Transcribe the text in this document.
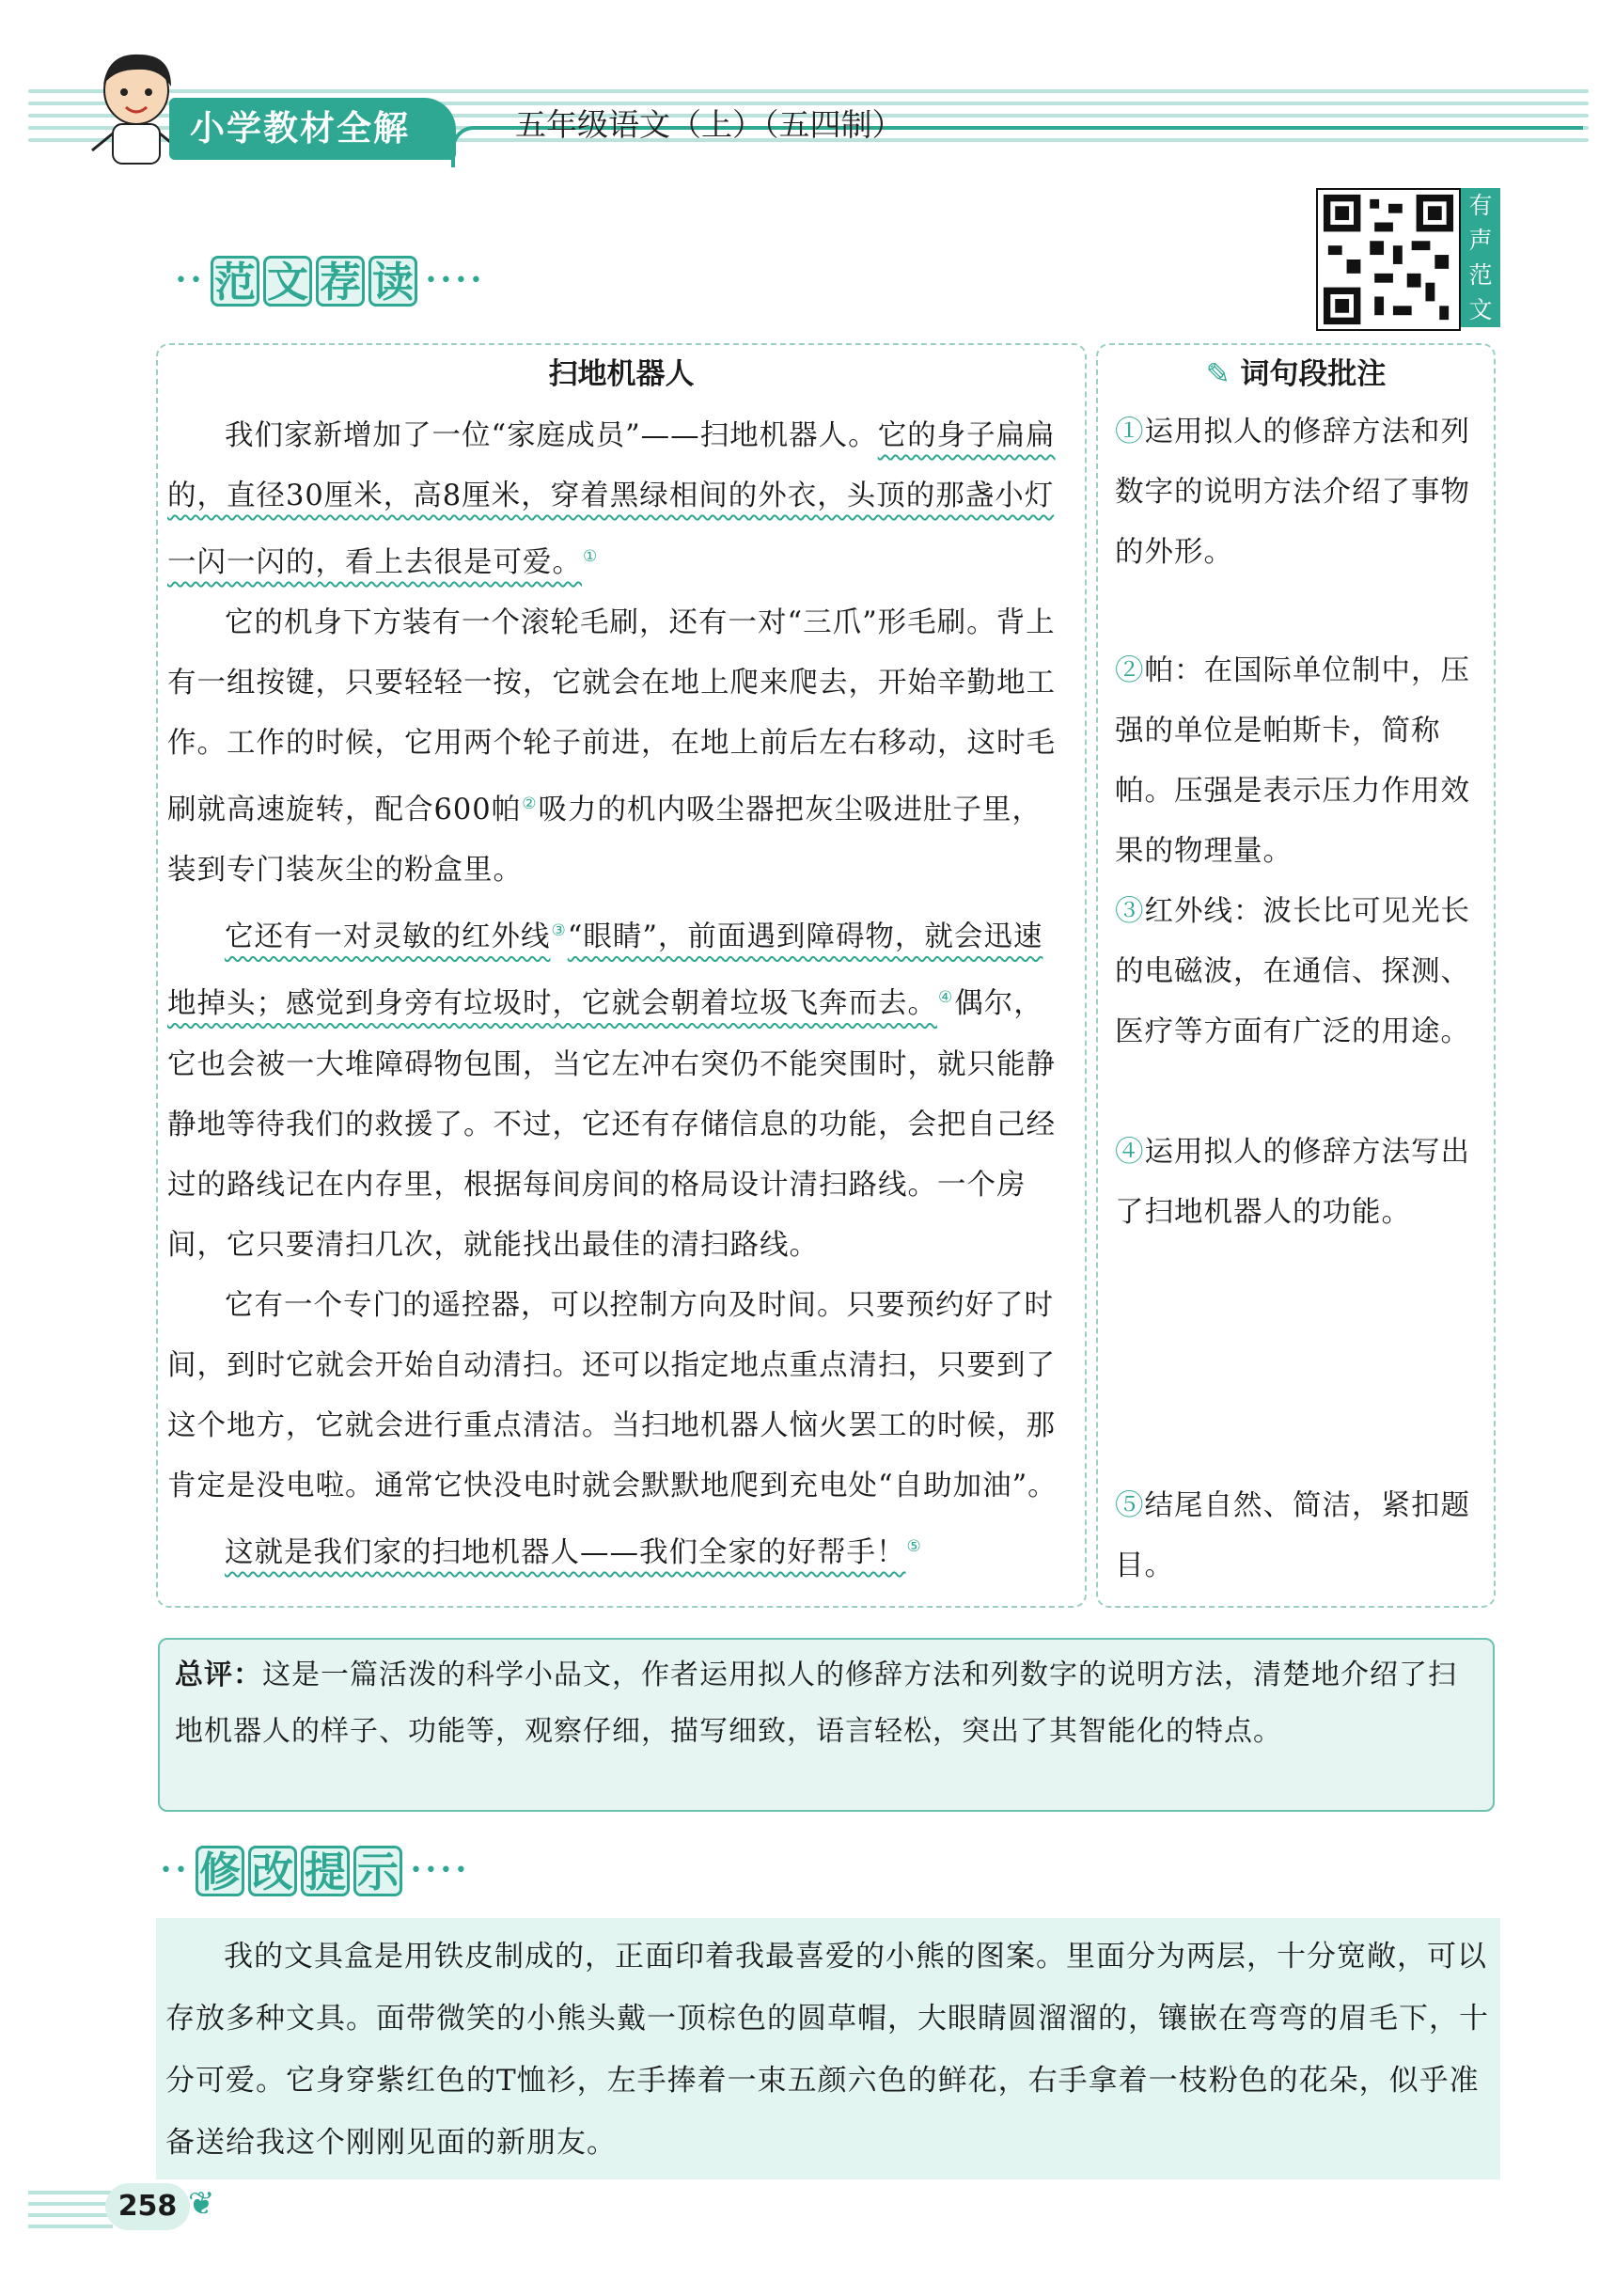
小学教材全解	五年级语文（上）（五四制）
•• 范 文 荐 读 ••••
有
声
范
文
扫地机器人

我们家新增加了一位“家庭成员”——扫地机器人。它的身子扁扁的，直径30厘米，高8厘米，穿着黑绿相间的外衣，头顶的那盏小灯一闪一闪的，看上去很是可爱。①

它的机身下方装有一个滚轮毛刷，还有一对“三爪”形毛刷。背上有一组按键，只要轻轻一按，它就会在地上爬来爬去，开始辛勤地工作。工作的时候，它用两个轮子前进，在地上前后左右移动，这时毛刷就高速旋转，配合600帕②吸力的机内吸尘器把灰尘吸进肚子里，装到专门装灰尘的粉盒里。

它还有一对灵敏的红外线③“眼睛”，前面遇到障碍物，就会迅速地掉头；感觉到身旁有垃圾时，它就会朝着垃圾飞奔而去。④偶尔，它也会被一大堆障碍物包围，当它左冲右突仍不能突围时，就只能静静地等待我们的救援了。不过，它还有存储信息的功能，会把自己经过的路线记在内存里，根据每间房间的格局设计清扫路线。一个房间，它只要清扫几次，就能找出最佳的清扫路线。

它有一个专门的遥控器，可以控制方向及时间。只要预约好了时间，到时它就会开始自动清扫。还可以指定地点重点清扫，只要到了这个地方，它就会进行重点清洁。当扫地机器人恼火罢工的时候，那肯定是没电啦。通常它快没电时就会默默地爬到充电处“自助加油”。

这就是我们家的扫地机器人——我们全家的好帮手！⑤

✎ 词句段批注

①运用拟人的修辞方法和列数字的说明方法介绍了事物的外形。

②帕：在国际单位制中，压强的单位是帕斯卡，简称帕。压强是表示压力作用效果的物理量。

③红外线：波长比可见光长的电磁波，在通信、探测、医疗等方面有广泛的用途。

④运用拟人的修辞方法写出了扫地机器人的功能。

⑤结尾自然、简洁，紧扣题目。

总评：这是一篇活泼的科学小品文，作者运用拟人的修辞方法和列数字的说明方法，清楚地介绍了扫地机器人的样子、功能等，观察仔细，描写细致，语言轻松，突出了其智能化的特点。
•• 修 改 提 示 ••••

我的文具盒是用铁皮制成的，正面印着我最喜爱的小熊的图案。里面分为两层，十分宽敞，可以存放多种文具。面带微笑的小熊头戴一顶棕色的圆草帽，大眼睛圆溜溜的，镶嵌在弯弯的眉毛下，十分可爱。它身穿紫红色的T恤衫，左手捧着一束五颜六色的鲜花，右手拿着一枝粉色的花朵，似乎准备送给我这个刚刚见面的新朋友。

258 ❦
